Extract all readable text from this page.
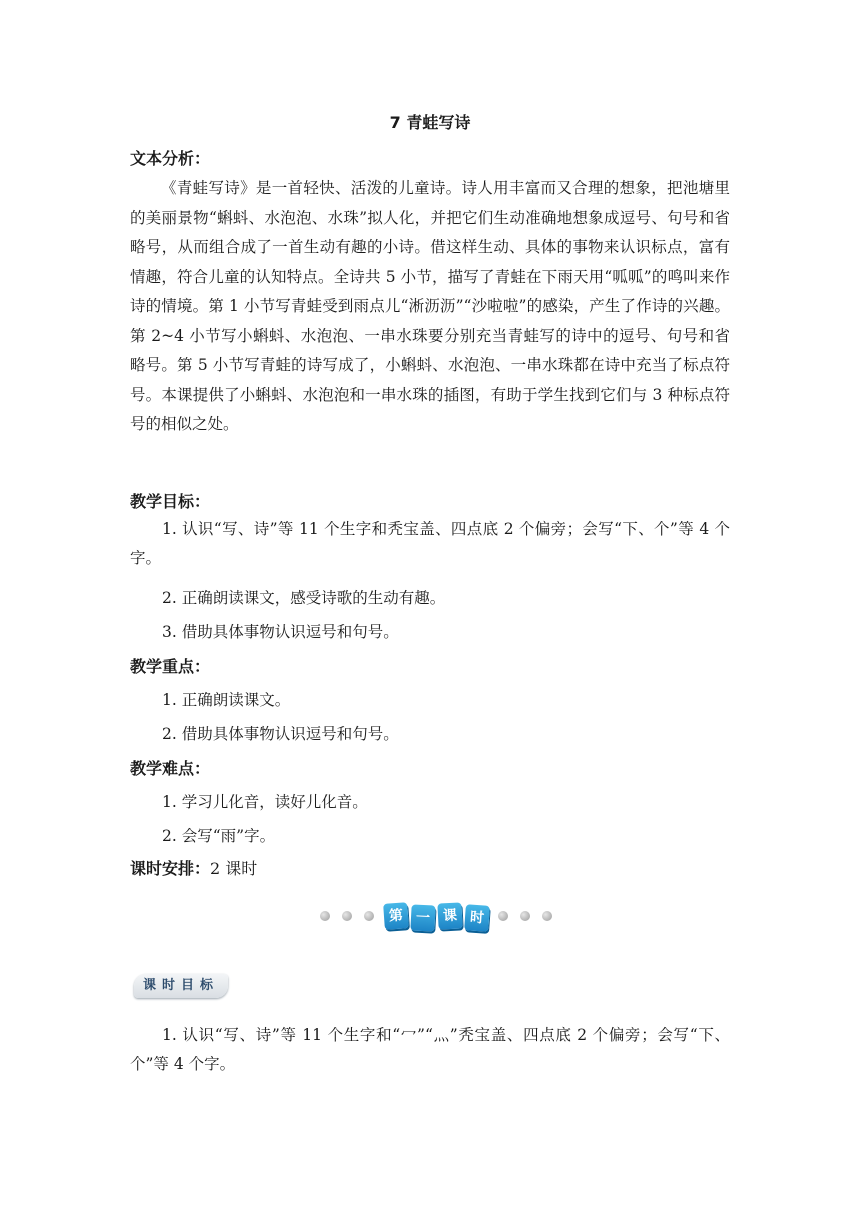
7 青蛙写诗
文本分析：

《青蛙写诗》是一首轻快、活泼的儿童诗。诗人用丰富而又合理的想象，把池塘里的美丽景物“蝌蚪、水泡泡、水珠”拟人化，并把它们生动准确地想象成逗号、句号和省略号，从而组合成了一首生动有趣的小诗。借这样生动、具体的事物来认识标点，富有情趣，符合儿童的认知特点。全诗共 5 小节，描写了青蛙在下雨天用“呱呱”的鸣叫来作诗的情境。第 1 小节写青蛙受到雨点儿“淅沥沥”“沙啦啦”的感染，产生了作诗的兴趣。第 2~4 小节写小蝌蚪、水泡泡、一串水珠要分别充当青蛙写的诗中的逗号、句号和省略号。第 5 小节写青蛙的诗写成了，小蝌蚪、水泡泡、一串水珠都在诗中充当了标点符号。本课提供了小蝌蚪、水泡泡和一串水珠的插图，有助于学生找到它们与 3 种标点符号的相似之处。

教学目标：

1. 认识“写、诗”等 11 个生字和秃宝盖、四点底 2 个偏旁；会写“下、个”等 4 个字。

2. 正确朗读课文，感受诗歌的生动有趣。
3. 借助具体事物认识逗号和句号。
教学重点：
1. 正确朗读课文。
2. 借助具体事物认识逗号和句号。
教学难点：
1. 学习儿化音，读好儿化音。
2. 会写“雨”字。
课时安排：2 课时
第 一 课 时
课时目标

1. 认识“写、诗”等 11 个生字和“冖”“灬”秃宝盖、四点底 2 个偏旁；会写“下、个”等 4 个字。
